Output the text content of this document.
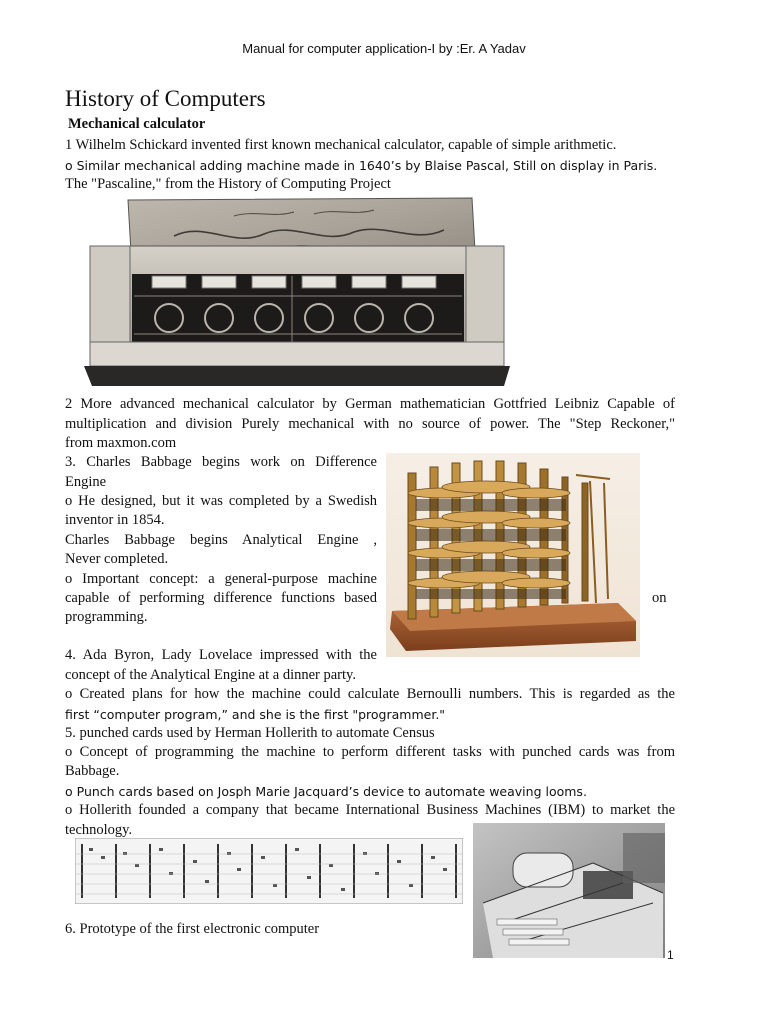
Manual for computer application-I by :Er. A Yadav
History of Computers
Mechanical calculator
1 Wilhelm Schickard invented first known mechanical calculator, capable of simple arithmetic.
o Similar mechanical adding machine made in 1640’s by Blaise Pascal, Still on display in Paris.
The "Pascaline," from the History of Computing Project
2 More advanced mechanical calculator by German mathematician Gottfried Leibniz Capable of
multiplication and division Purely mechanical with no source of power. The "Step Reckoner,"
from maxmon.com
3. Charles Babbage begins work on Difference
Engine
o He designed, but it was completed by a Swedish
inventor in 1854.
Charles Babbage begins Analytical Engine ,
Never completed.
o Important concept: a general-purpose machine
capable of performing difference functions based	on
programming.
4. Ada Byron, Lady Lovelace impressed with the
concept of the Analytical Engine at a dinner party.
o Created plans for how the machine could calculate Bernoulli numbers. This is regarded as the
first “computer program,” and she is the first "programmer."
5. punched cards used by Herman Hollerith to automate Census
o Concept of programming the machine to perform different tasks with punched cards was from
Babbage.
o Punch cards based on Josph Marie Jacquard’s device to automate weaving looms.
o Hollerith founded a company that became International Business Machines (IBM) to market the
technology.
6. Prototype of the first electronic computer
1
